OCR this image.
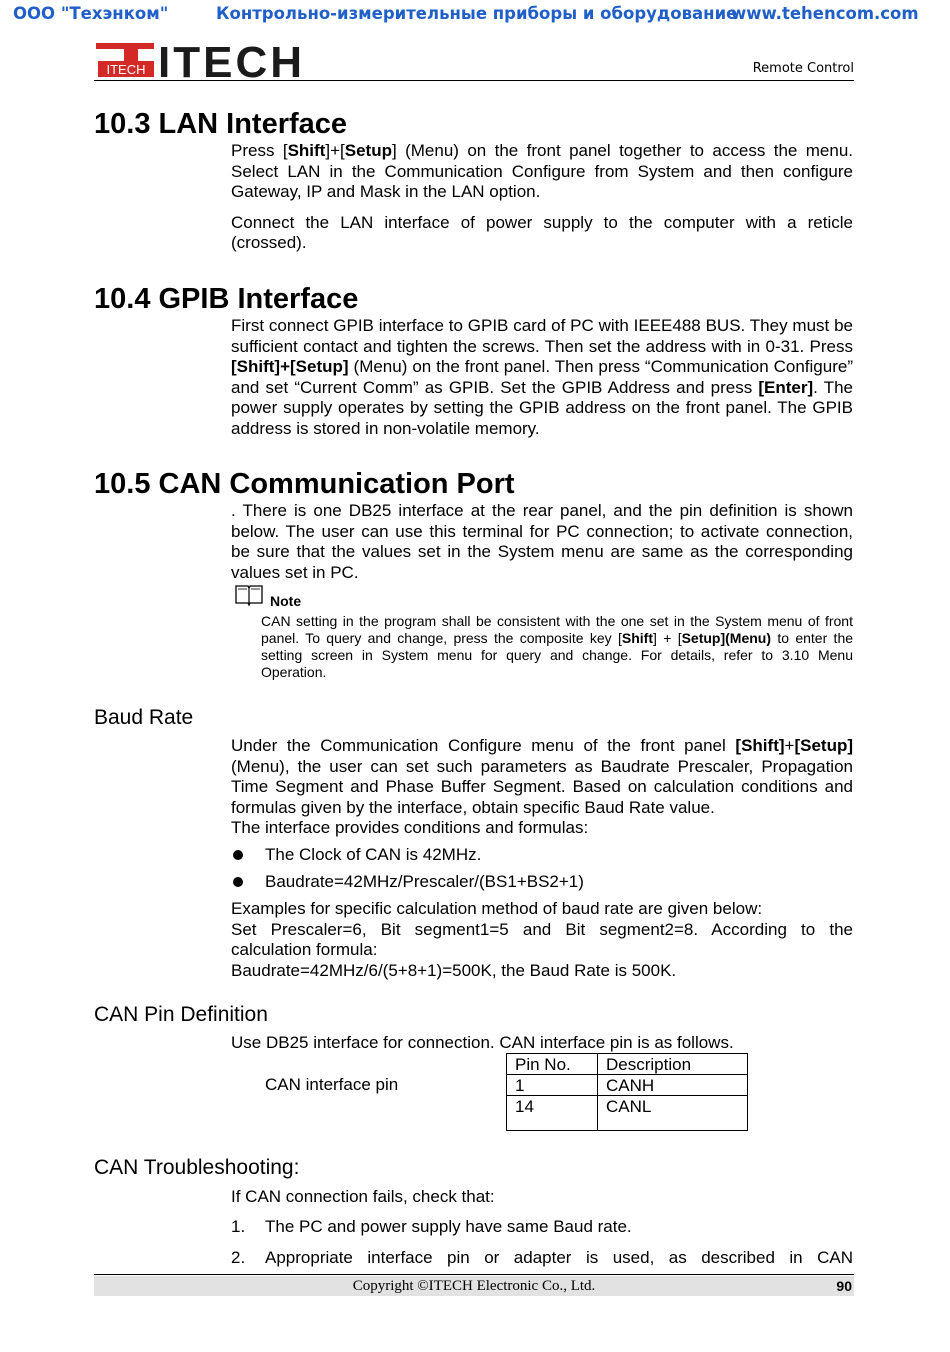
ООО "Техэнком"	Контрольно-измерительные приборы и оборудование
www.tehencom.com
ITECH ITECH	Remote Control
10.3 LAN Interface

Press [Shift]+[Setup] (Menu) on the front panel together to access the menu. Select LAN in the Communication Configure from System and then configure Gateway, IP and Mask in the LAN option.

Connect the LAN interface of power supply to the computer with a reticle (crossed).

10.4 GPIB Interface

First connect GPIB interface to GPIB card of PC with IEEE488 BUS. They must be sufficient contact and tighten the screws. Then set the address with in 0-31. Press [Shift]+[Setup] (Menu) on the front panel. Then press “Communication Configure” and set “Current Comm” as GPIB. Set the GPIB Address and press [Enter]. The power supply operates by setting the GPIB address on the front panel. The GPIB address is stored in non-volatile memory.

10.5 CAN Communication Port

. There is one DB25 interface at the rear panel, and the pin definition is shown below. The user can use this terminal for PC connection; to activate connection, be sure that the values set in the System menu are same as the corresponding values set in PC.

Note
CAN setting in the program shall be consistent with the one set in the System menu of front panel. To query and change, press the composite key [Shift] + [Setup](Menu) to enter the setting screen in System menu for query and change. For details, refer to 3.10 Menu Operation.
Baud Rate

Under the Communication Configure menu of the front panel [Shift]+[Setup] (Menu), the user can set such parameters as Baudrate Prescaler, Propagation Time Segment and Phase Buffer Segment. Based on calculation conditions and formulas given by the interface, obtain specific Baud Rate value.

The interface provides conditions and formulas:

The Clock of CAN is 42MHz.
Baudrate=42MHz/Prescaler/(BS1+BS2+1)

Examples for specific calculation method of baud rate are given below:

Set Prescaler=6, Bit segment1=5 and Bit segment2=8. According to the calculation formula:

Baudrate=42MHz/6/(5+8+1)=500K, the Baud Rate is 500K.

CAN Pin Definition
Use DB25 interface for connection. CAN interface pin is as follows.
CAN interface pin
Pin No.	Description
1	CANH
14	CANL
CAN Troubleshooting:
If CAN connection fails, check that:
1. The PC and power supply have same Baud rate.
2. Appropriate interface pin or adapter is used, as described in CAN
Copyright ©ITECH Electronic Co., Ltd.	90
